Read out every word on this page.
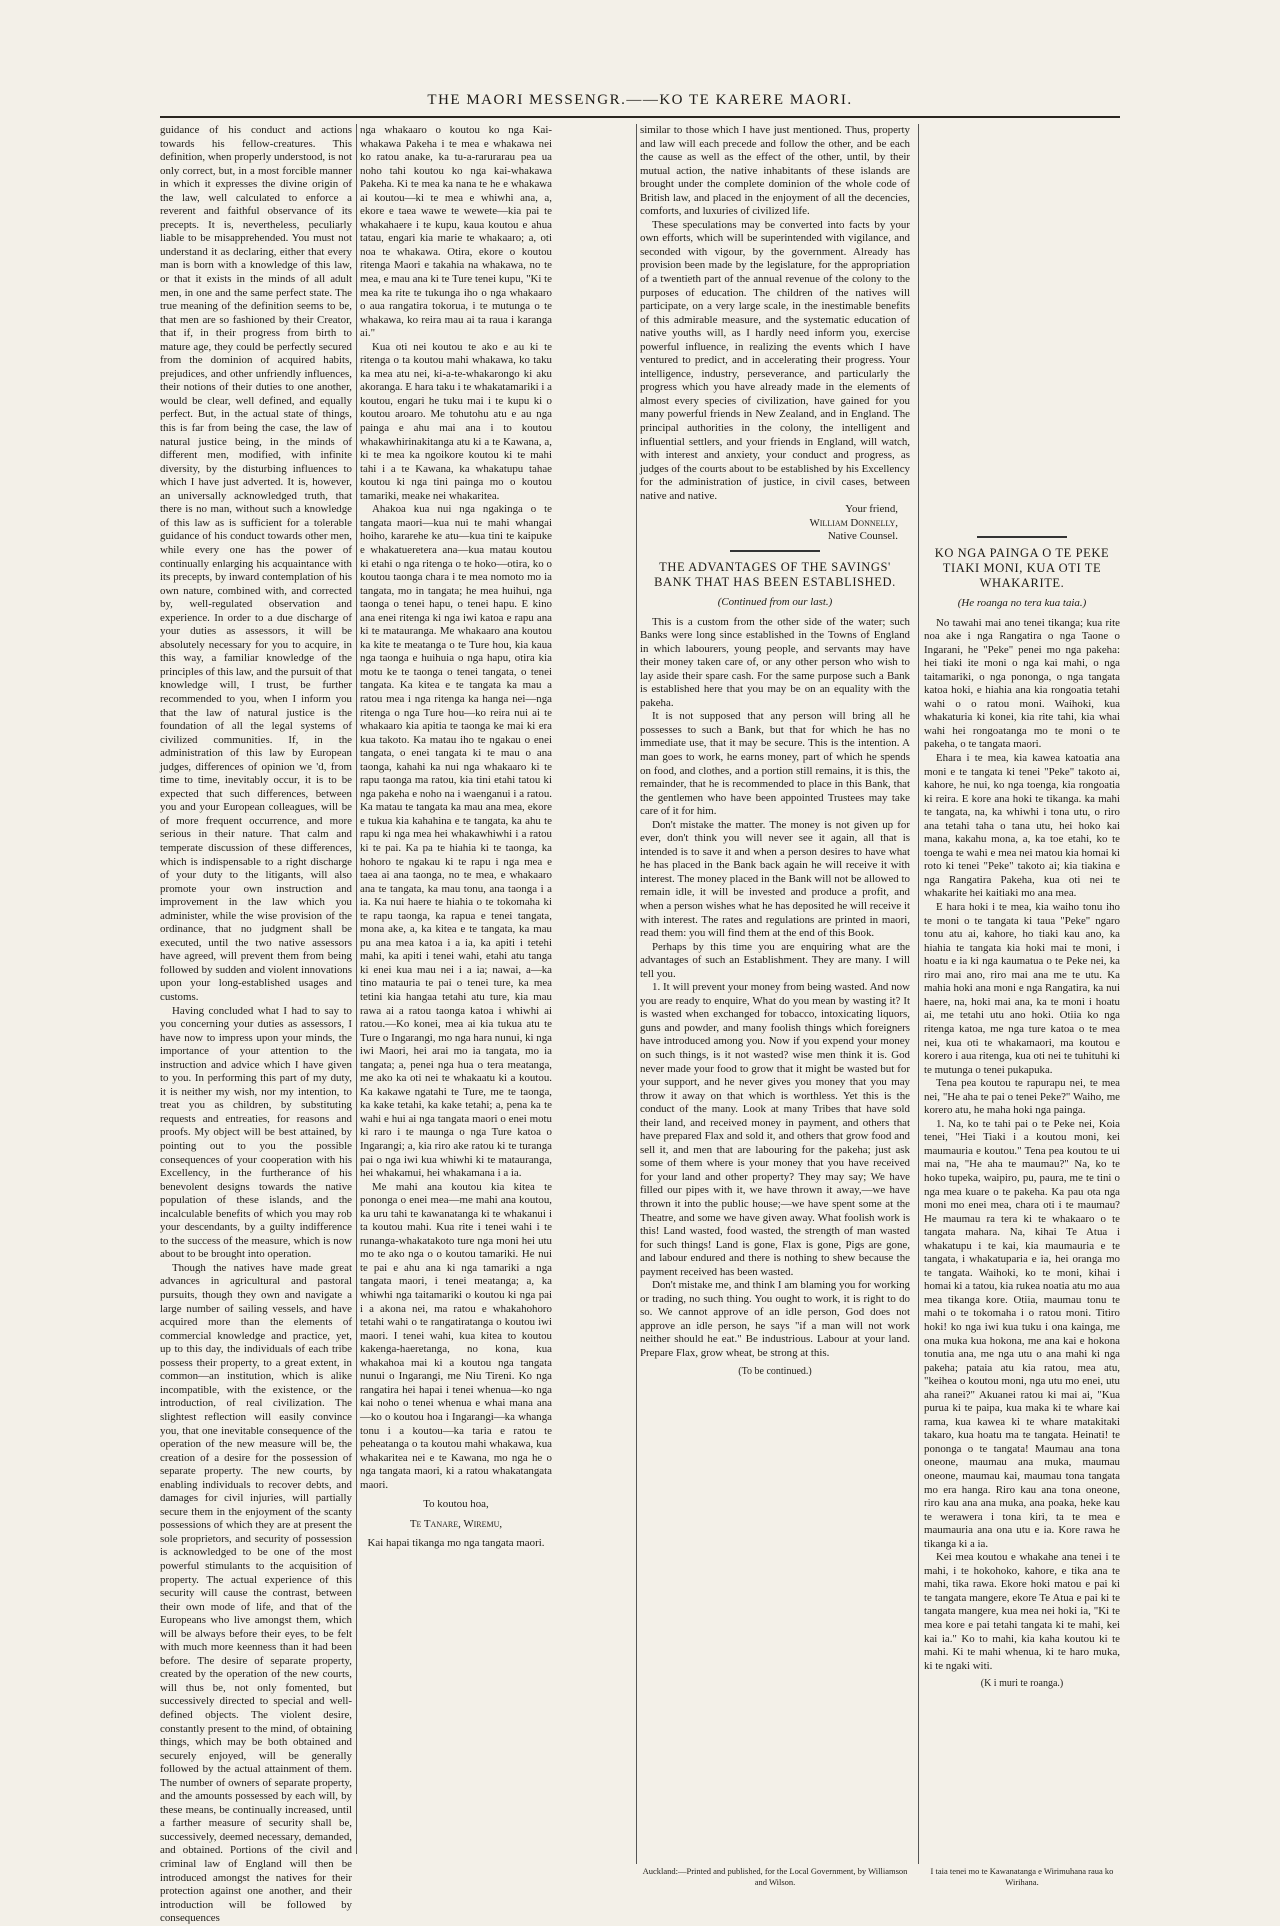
THE MAORI MESSENGR.——KO TE KARERE MAORI.

guidance of his conduct and actions towards his fellow-creatures. This definition, when properly understood, is not only correct, but, in a most forcible manner in which it expresses the divine origin of the law, well calculated to enforce a reverent and faithful observance of its precepts. It is, nevertheless, peculiarly liable to be misapprehended. You must not understand it as declaring, either that every man is born with a knowledge of this law, or that it exists in the minds of all adult men, in one and the same perfect state. The true meaning of the definition seems to be, that men are so fashioned by their Creator, that if, in their progress from birth to mature age, they could be perfectly secured from the dominion of acquired habits, prejudices, and other unfriendly influences, their notions of their duties to one another, would be clear, well defined, and equally perfect. But, in the actual state of things, this is far from being the case, the law of natural justice being, in the minds of different men, modified, with infinite diversity, by the disturbing influences to which I have just adverted. It is, however, an universally acknowledged truth, that there is no man, without such a knowledge of this law as is sufficient for a tolerable guidance of his conduct towards other men, while every one has the power of continually enlarging his acquaintance with its precepts, by inward contemplation of his own nature, combined with, and corrected by, well-regulated observation and experience. In order to a due discharge of your duties as assessors, it will be absolutely necessary for you to acquire, in this way, a familiar knowledge of the principles of this law, and the pursuit of that knowledge will, I trust, be further recommended to you, when I inform you that the law of natural justice is the foundation of all the legal systems of civilized communities. If, in the administration of this law by European judges, differences of opinion we 'd, from time to time, inevitably occur, it is to be expected that such differences, between you and your European colleagues, will be of more frequent occurrence, and more serious in their nature. That calm and temperate discussion of these differences, which is indispensable to a right discharge of your duty to the litigants, will also promote your own instruction and improvement in the law which you administer, while the wise provision of the ordinance, that no judgment shall be executed, until the two native assessors have agreed, will prevent them from being followed by sudden and violent innovations upon your long-established usages and customs.

Having concluded what I had to say to you concerning your duties as assessors, I have now to impress upon your minds, the importance of your attention to the instruction and advice which I have given to you. In performing this part of my duty, it is neither my wish, nor my intention, to treat you as children, by substituting requests and entreaties, for reasons and proofs. My object will be best attained, by pointing out to you the possible consequences of your cooperation with his Excellency, in the furtherance of his benevolent designs towards the native population of these islands, and the incalculable benefits of which you may rob your descendants, by a guilty indifference to the success of the measure, which is now about to be brought into operation.

Though the natives have made great advances in agricultural and pastoral pursuits, though they own and navigate a large number of sailing vessels, and have acquired more than the elements of commercial knowledge and practice, yet, up to this day, the individuals of each tribe possess their property, to a great extent, in common—an institution, which is alike incompatible, with the existence, or the introduction, of real civilization. The slightest reflection will easily convince you, that one inevitable consequence of the operation of the new measure will be, the creation of a desire for the possession of separate property. The new courts, by enabling individuals to recover debts, and damages for civil injuries, will partially secure them in the enjoyment of the scanty possessions of which they are at present the sole proprietors, and security of possession is acknowledged to be one of the most powerful stimulants to the acquisition of property. The actual experience of this security will cause the contrast, between their own mode of life, and that of the Europeans who live amongst them, which will be always before their eyes, to be felt with much more keenness than it had been before. The desire of separate property, created by the operation of the new courts, will thus be, not only fomented, but successively directed to special and well-defined objects. The violent desire, constantly present to the mind, of obtaining things, which may be both obtained and securely enjoyed, will be generally followed by the actual attainment of them. The number of owners of separate property, and the amounts possessed by each will, by these means, be continually increased, until a farther measure of security shall be, successively, deemed necessary, demanded, and obtained. Portions of the civil and criminal law of England will then be introduced amongst the natives for their protection against one another, and their introduction will be followed by consequences

nga whakaaro o koutou ko nga Kai-whakawa Pakeha i te mea e whakawa nei ko ratou anake, ka tu-a-rarurarau pea ua noho tahi koutou ko nga kai-whakawa Pakeha. Ki te mea ka nana te he e whakawa ai koutou—ki te mea e whiwhi ana, a, ekore e taea wawe te wewete—kia pai te whakahaere i te kupu, kaua koutou e ahua tatau, engari kia marie te whakaaro; a, oti noa te whakawa. Otira, ekore o koutou ritenga Maori e takahia na whakawa, no te mea, e mau ana ki te Ture tenei kupu, "Ki te mea ka rite te tukunga iho o nga whakaaro o aua rangatira tokorua, i te mutunga o te whakawa, ko reira mau ai ta raua i karanga ai."

Kua oti nei koutou te ako e au ki te ritenga o ta koutou mahi whakawa, ko taku ka mea atu nei, ki-a-te-whakarongo ki aku akoranga. E hara taku i te whakatamariki i a koutou, engari he tuku mai i te kupu ki o koutou aroaro. Me tohutohu atu e au nga painga e ahu mai ana i to koutou whakawhirinakitanga atu ki a te Kawana, a, ki te mea ka ngoikore koutou ki te mahi tahi i a te Kawana, ka whakatupu tahae koutou ki nga tini painga mo o koutou tamariki, meake nei whakaritea.

Ahakoa kua nui nga ngakinga o te tangata maori—kua nui te mahi whangai hoiho, kararehe ke atu—kua tini te kaipuke e whakatueretera ana—kua matau koutou ki etahi o nga ritenga o te hoko—otira, ko o koutou taonga chara i te mea nomoto mo ia tangata, mo in tangata; he mea huihui, nga taonga o tenei hapu, o tenei hapu. E kino ana enei ritenga ki nga iwi katoa e rapu ana ki te matauranga. Me whakaaro ana koutou ka kite te meatanga o te Ture hou, kia kaua nga taonga e huihuia o nga hapu, otira kia motu ke te taonga o tenei tangata, o tenei tangata. Ka kitea e te tangata ka mau a ratou mea i nga ritenga ka hanga nei—nga ritenga o nga Ture hou—ko reira nui ai te whakaaro kia apitia te taonga ke mai ki era kua takoto. Ka matau iho te ngakau o enei tangata, o enei tangata ki te mau o ana taonga, kahahi ka nui nga whakaaro ki te rapu taonga ma ratou, kia tini etahi tatou ki nga pakeha e noho na i waenganui i a ratou. Ka matau te tangata ka mau ana mea, ekore e tukua kia kahahina e te tangata, ka ahu te rapu ki nga mea hei whakawhiwhi i a ratou ki te pai. Ka pa te hiahia ki te taonga, ka hohoro te ngakau ki te rapu i nga mea e taea ai ana taonga, no te mea, e whakaaro ana te tangata, ka mau tonu, ana taonga i a ia. Ka nui haere te hiahia o te tokomaha ki te rapu taonga, ka rapua e tenei tangata, mona ake, a, ka kitea e te tangata, ka mau pu ana mea katoa i a ia, ka apiti i tetehi mahi, ka apiti i tenei wahi, etahi atu tanga ki enei kua mau nei i a ia; nawai, a—ka tino matauria te pai o tenei ture, ka mea tetini kia hangaa tetahi atu ture, kia mau rawa ai a ratou taonga katoa i whiwhi ai ratou.—Ko konei, mea ai kia tukua atu te Ture o Ingarangi, mo nga hara nunui, ki nga iwi Maori, hei arai mo ia tangata, mo ia tangata; a, penei nga hua o tera meatanga, me ako ka oti nei te whakaatu ki a koutou. Ka kakawe ngatahi te Ture, me te taonga, ka kake tetahi, ka kake tetahi; a, pena ka te wahi e hui ai nga tangata maori o enei motu ki raro i te maunga o nga Ture katoa o Ingarangi; a, kia riro ake ratou ki te turanga pai o nga iwi kua whiwhi ki te matauranga, hei whakamui, hei whakamana i a ia.

Me mahi ana koutou kia kitea te pononga o enei mea—me mahi ana koutou, ka uru tahi te kawanatanga ki te whakanui i ta koutou mahi. Kua rite i tenei wahi i te runanga-whakatakoto ture nga moni hei utu mo te ako nga o o koutou tamariki. He nui te pai e ahu ana ki nga tamariki a nga tangata maori, i tenei meatanga; a, ka whiwhi nga taitamariki o koutou ki nga pai i a akona nei, ma ratou e whakahohoro tetahi wahi o te rangatiratanga o koutou iwi maori. I tenei wahi, kua kitea to koutou kakenga-haeretanga, no kona, kua whakahoa mai ki a koutou nga tangata nunui o Ingarangi, me Niu Tireni. Ko nga rangatira hei hapai i tenei whenua—ko nga kai noho o tenei whenua e whai mana ana—ko o koutou hoa i Ingarangi—ka whanga tonu i a koutou—ka taria e ratou te peheatanga o ta koutou mahi whakawa, kua whakaritea nei e te Kawana, mo nga he o nga tangata maori, ki a ratou whakatangata maori.

To koutou hoa,
Te Tanare, Wiremu,
Kai hapai tikanga mo nga tangata maori.

similar to those which I have just mentioned. Thus, property and law will each precede and follow the other, and be each the cause as well as the effect of the other, until, by their mutual action, the native inhabitants of these islands are brought under the complete dominion of the whole code of British law, and placed in the enjoyment of all the decencies, comforts, and luxuries of civilized life.

These speculations may be converted into facts by your own efforts, which will be superintended with vigilance, and seconded with vigour, by the government. Already has provision been made by the legislature, for the appropriation of a twentieth part of the annual revenue of the colony to the purposes of education. The children of the natives will participate, on a very large scale, in the inestimable benefits of this admirable measure, and the systematic education of native youths will, as I hardly need inform you, exercise powerful influence, in realizing the events which I have ventured to predict, and in accelerating their progress. Your intelligence, industry, perseverance, and particularly the progress which you have already made in the elements of almost every species of civilization, have gained for you many powerful friends in New Zealand, and in England. The principal authorities in the colony, the intelligent and influential settlers, and your friends in England, will watch, with interest and anxiety, your conduct and progress, as judges of the courts about to be established by his Excellency for the administration of justice, in civil cases, between native and native.

Your friend,
William Donnelly,
Native Counsel.
THE ADVANTAGES OF THE SAVINGS' BANK THAT HAS BEEN ESTABLISHED.
(Continued from our last.)

This is a custom from the other side of the water; such Banks were long since established in the Towns of England in which labourers, young people, and servants may have their money taken care of, or any other person who wish to lay aside their spare cash. For the same purpose such a Bank is established here that you may be on an equality with the pakeha.

It is not supposed that any person will bring all he possesses to such a Bank, but that for which he has no immediate use, that it may be secure. This is the intention. A man goes to work, he earns money, part of which he spends on food, and clothes, and a portion still remains, it is this, the remainder, that he is recommended to place in this Bank, that the gentlemen who have been appointed Trustees may take care of it for him.

Don't mistake the matter. The money is not given up for ever, don't think you will never see it again, all that is intended is to save it and when a person desires to have what he has placed in the Bank back again he will receive it with interest. The money placed in the Bank will not be allowed to remain idle, it will be invested and produce a profit, and when a person wishes what he has deposited he will receive it with interest. The rates and regulations are printed in maori, read them: you will find them at the end of this Book.

Perhaps by this time you are enquiring what are the advantages of such an Establishment. They are many. I will tell you.

1. It will prevent your money from being wasted. And now you are ready to enquire, What do you mean by wasting it? It is wasted when exchanged for tobacco, intoxicating liquors, guns and powder, and many foolish things which foreigners have introduced among you. Now if you expend your money on such things, is it not wasted? wise men think it is. God never made your food to grow that it might be wasted but for your support, and he never gives you money that you may throw it away on that which is worthless. Yet this is the conduct of the many. Look at many Tribes that have sold their land, and received money in payment, and others that have prepared Flax and sold it, and others that grow food and sell it, and men that are labouring for the pakeha; just ask some of them where is your money that you have received for your land and other property? They may say; We have filled our pipes with it, we have thrown it away,—we have thrown it into the public house;—we have spent some at the Theatre, and some we have given away. What foolish work is this! Land wasted, food wasted, the strength of man wasted for such things! Land is gone, Flax is gone, Pigs are gone, and labour endured and there is nothing to shew because the payment received has been wasted.

Don't mistake me, and think I am blaming you for working or trading, no such thing. You ought to work, it is right to do so. We cannot approve of an idle person, God does not approve an idle person, he says "if a man will not work neither should he eat." Be industrious. Labour at your land. Prepare Flax, grow wheat, be strong at this.

(To be continued.)
KO NGA PAINGA O TE PEKE TIAKI MONI, KUA OTI TE WHAKARITE.
(He roanga no tera kua taia.)

No tawahi mai ano tenei tikanga; kua rite noa ake i nga Rangatira o nga Taone o Ingarani, he "Peke" penei mo nga pakeha: hei tiaki ite moni o nga kai mahi, o nga taitamariki, o nga pononga, o nga tangata katoa hoki, e hiahia ana kia rongoatia tetahi wahi o o ratou moni. Waihoki, kua whakaturia ki konei, kia rite tahi, kia whai wahi hei rongoatanga mo te moni o te pakeha, o te tangata maori.

Ehara i te mea, kia kawea katoatia ana moni e te tangata ki tenei "Peke" takoto ai, kahore, he nui, ko nga toenga, kia rongoatia ki reira. E kore ana hoki te tikanga. ka mahi te tangata, na, ka whiwhi i tona utu, o riro ana tetahi taha o tana utu, hei hoko kai mana, kakahu mona, a, ka toe etahi, ko te toenga te wahi e mea nei matou kia homai ki roto ki tenei "Peke" takoto ai; kia tiakina e nga Rangatira Pakeha, kua oti nei te whakarite hei kaitiaki mo ana mea.

E hara hoki i te mea, kia waiho tonu iho te moni o te tangata ki taua "Peke" ngaro tonu atu ai, kahore, ho tiaki kau ano, ka hiahia te tangata kia hoki mai te moni, i hoatu e ia ki nga kaumatua o te Peke nei, ka riro mai ano, riro mai ana me te utu. Ka mahia hoki ana moni e nga Rangatira, ka nui haere, na, hoki mai ana, ka te moni i hoatu ai, me tetahi utu ano hoki. Otiia ko nga ritenga katoa, me nga ture katoa o te mea nei, kua oti te whakamaori, ma koutou e korero i aua ritenga, kua oti nei te tuhituhi ki te mutunga o tenei pukapuka.

Tena pea koutou te rapurapu nei, te mea nei, "He aha te pai o tenei Peke?" Waiho, me korero atu, he maha hoki nga painga.

1. Na, ko te tahi pai o te Peke nei, Koia tenei, "Hei Tiaki i a koutou moni, kei maumauria e koutou." Tena pea koutou te ui mai na, "He aha te maumau?" Na, ko te hoko tupeka, waipiro, pu, paura, me te tini o nga mea kuare o te pakeha. Ka pau ota nga moni mo enei mea, chara oti i te maumau? He maumau ra tera ki te whakaaro o te tangata mahara. Na, kihai Te Atua i whakatupu i te kai, kia maumauria e te tangata, i whakatuparia e ia, hei oranga mo te tangata. Waihoki, ko te moni, kihai i homai ki a tatou, kia rukea noatia atu mo aua mea tikanga kore. Otiia, maumau tonu te mahi o te tokomaha i o ratou moni. Titiro hoki! ko nga iwi kua tuku i ona kainga, me ona muka kua hokona, me ana kai e hokona tonutia ana, me nga utu o ana mahi ki nga pakeha; pataia atu kia ratou, mea atu, "keihea o koutou moni, nga utu mo enei, utu aha ranei?" Akuanei ratou ki mai ai, "Kua purua ki te paipa, kua maka ki te whare kai rama, kua kawea ki te whare matakitaki takaro, kua hoatu ma te tangata. Heinati! te pononga o te tangata! Maumau ana tona oneone, maumau ana muka, maumau oneone, maumau kai, maumau tona tangata mo era hanga. Riro kau ana tona oneone, riro kau ana ana muka, ana poaka, heke kau te werawera i tona kiri, ta te mea e maumauria ana ona utu e ia. Kore rawa he tikanga ki a ia.

Kei mea koutou e whakahe ana tenei i te mahi, i te hokohoko, kahore, e tika ana te mahi, tika rawa. Ekore hoki matou e pai ki te tangata mangere, ekore Te Atua e pai ki te tangata mangere, kua mea nei hoki ia, "Ki te mea kore e pai tetahi tangata ki te mahi, kei kai ia." Ko to mahi, kia kaha koutou ki te mahi. Ki te mahi whenua, ki te haro muka, ki te ngaki witi.

(K i muri te roanga.)
Auckland:—Printed and published, for the Local Government, by Williamson and Wilson.
I taia tenei mo te Kawanatanga e Wirimuhana raua ko Wirihana.
